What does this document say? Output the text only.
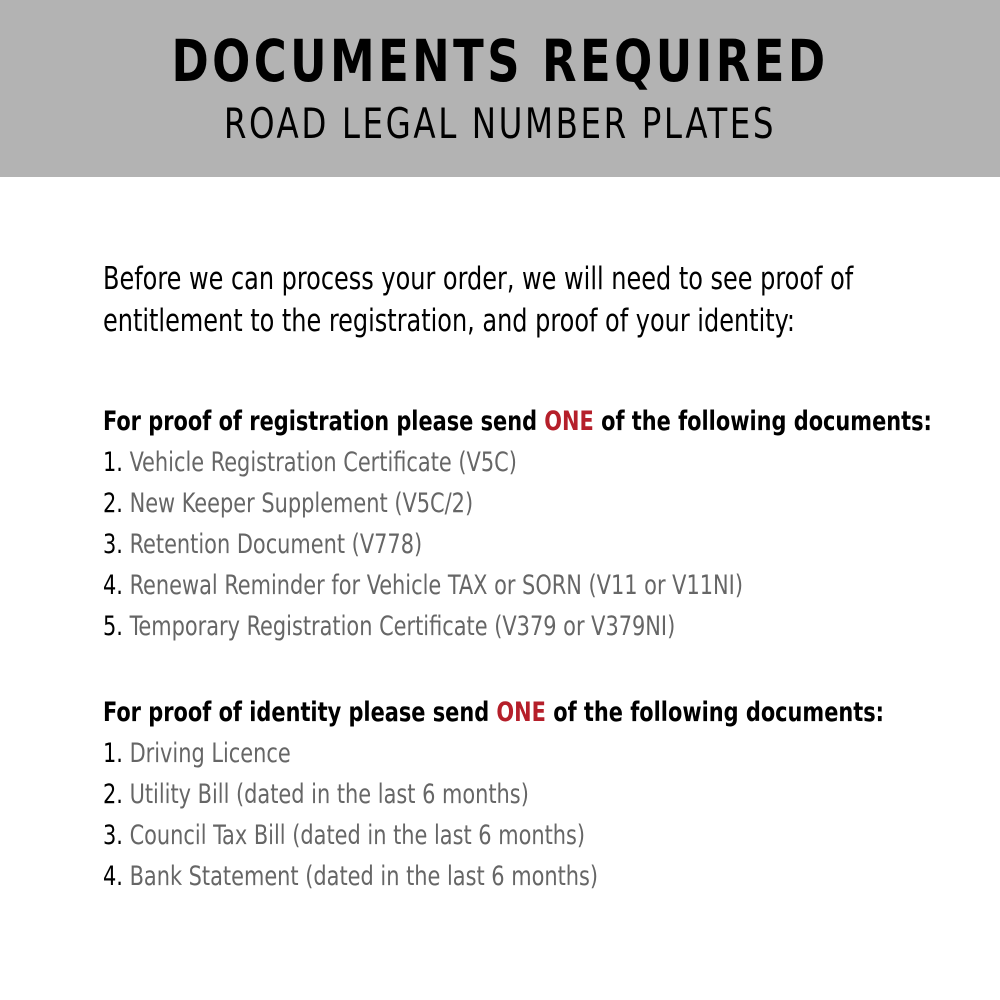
DOCUMENTS REQUIRED
ROAD LEGAL NUMBER PLATES
Before we can process your order, we will need to see proof of entitlement to the registration, and proof of your identity:
For proof of registration please send ONE of the following documents:
1. Vehicle Registration Certificate (V5C)
2. New Keeper Supplement (V5C/2)
3. Retention Document (V778)
4. Renewal Reminder for Vehicle TAX or SORN (V11 or V11NI)
5. Temporary Registration Certificate (V379 or V379NI)
For proof of identity please send ONE of the following documents:
1. Driving Licence
2. Utility Bill (dated in the last 6 months)
3. Council Tax Bill (dated in the last 6 months)
4. Bank Statement (dated in the last 6 months)
